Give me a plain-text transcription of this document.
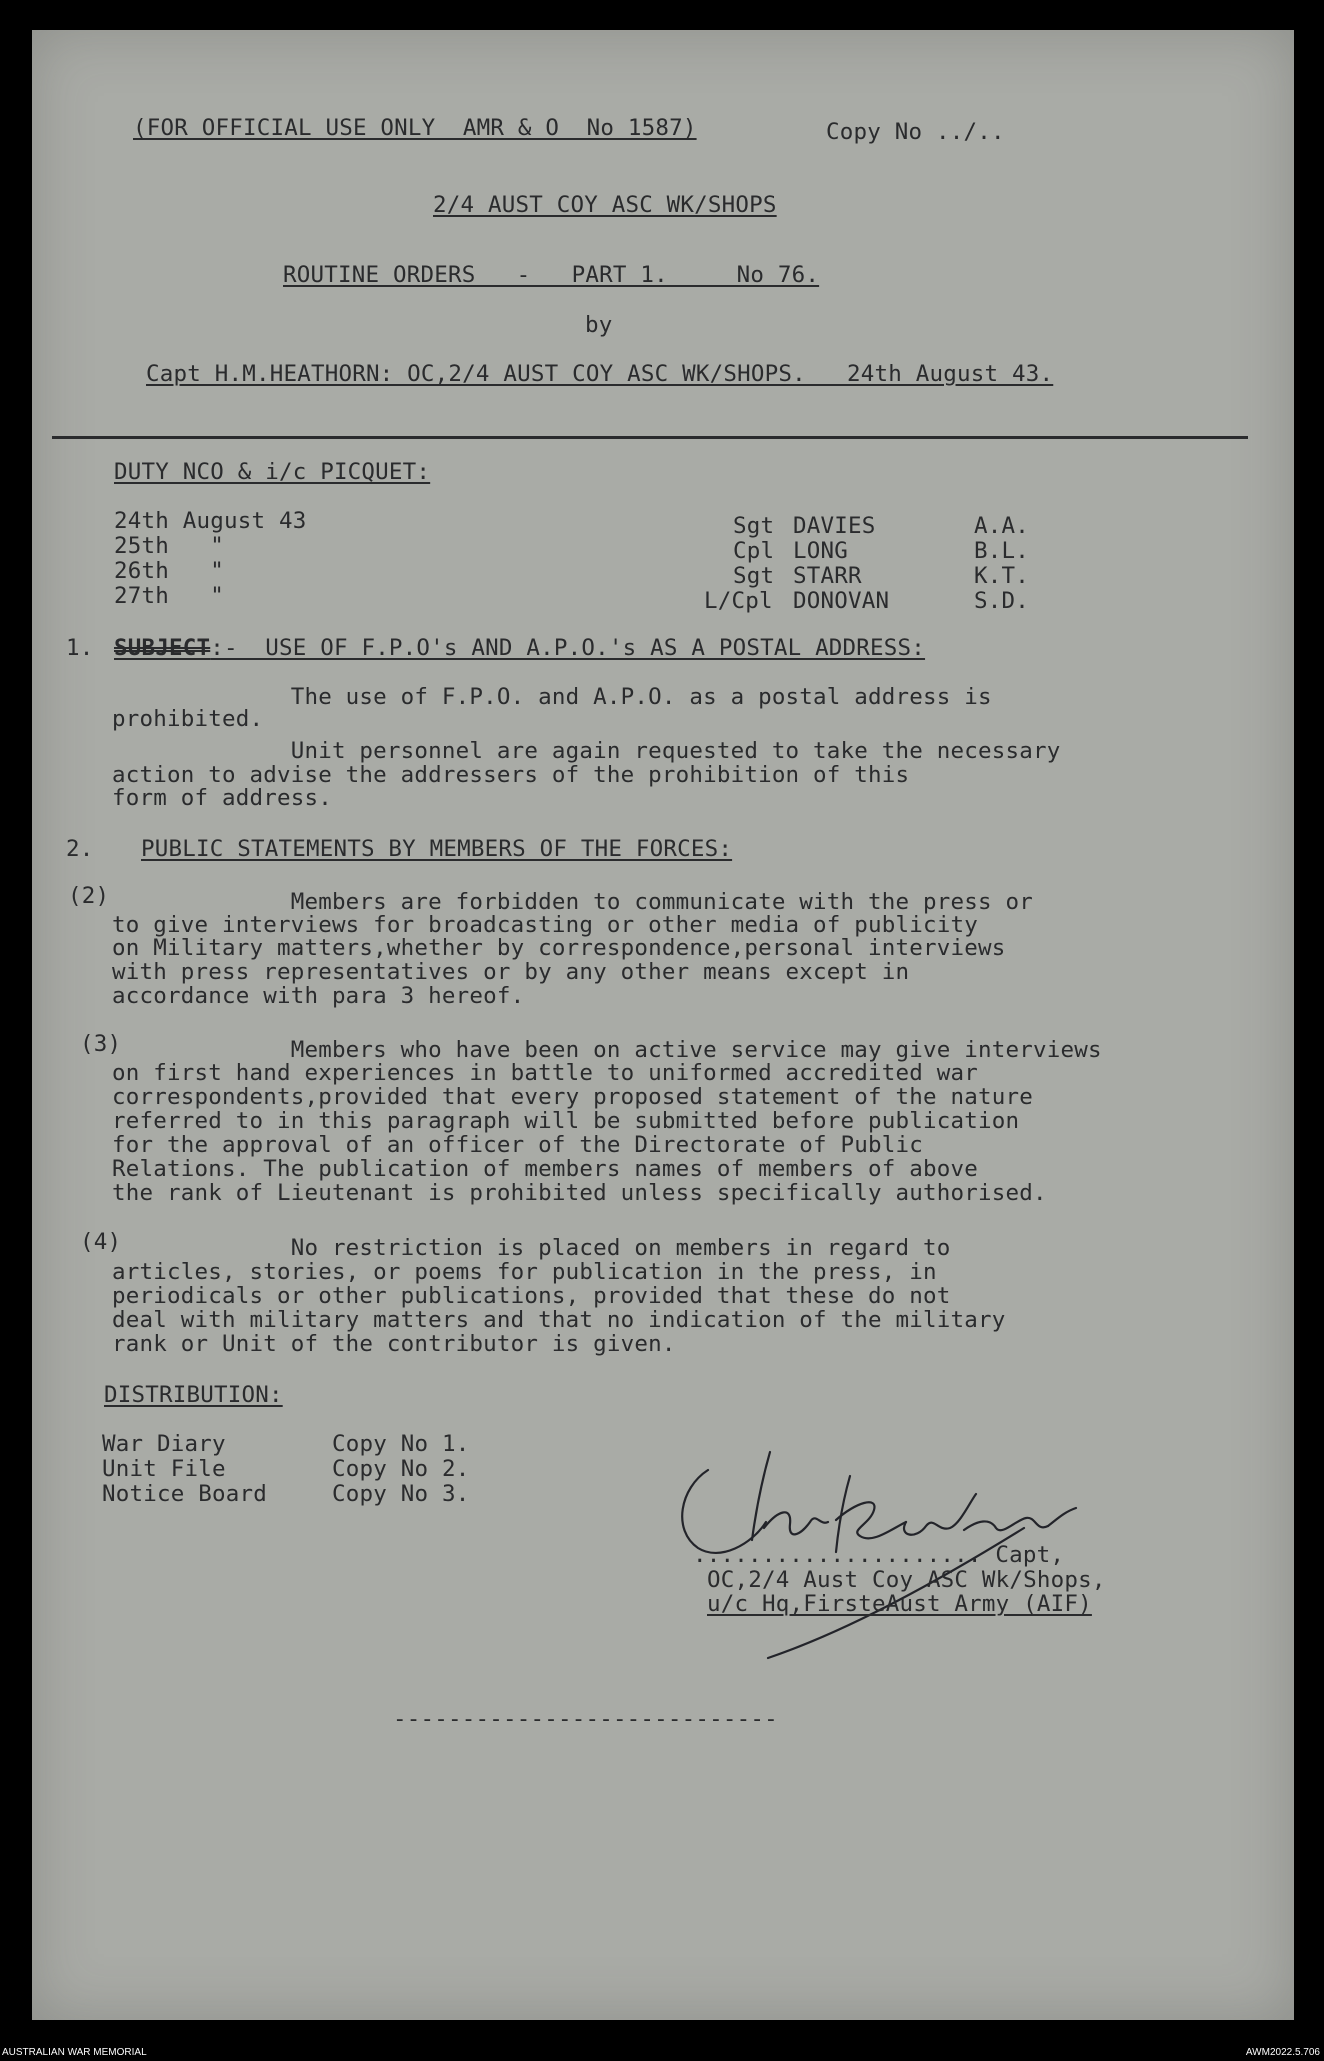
(FOR OFFICIAL USE ONLY  AMR & O  No 1587)	Copy No ../..
2/4 AUST COY ASC WK/SHOPS
ROUTINE ORDERS   -   PART 1.     No 76.
by
Capt H.M.HEATHORN: OC,2/4 AUST COY ASC WK/SHOPS.   24th August 43.
DUTY NCO & i/c PICQUET:
24th August 43
25th   "
26th   "
27th   "
Sgt
Cpl
Sgt
L/Cpl
DAVIES
LONG
STARR
DONOVAN
A.A.
B.L.
K.T.
S.D.
1. SUBJECT:-  USE OF F.P.O's AND A.P.O.'s AS A POSTAL ADDRESS:
The use of F.P.O. and A.P.O. as a postal address is
prohibited.
Unit personnel are again requested to take the necessary
action to advise the addressers of the prohibition of this
form of address.
2. PUBLIC STATEMENTS BY MEMBERS OF THE FORCES:
(2) Members are forbidden to communicate with the press or
to give interviews for broadcasting or other media of publicity
on Military matters,whether by correspondence,personal interviews
with press representatives or by any other means except in
accordance with para 3 hereof.
(3)
Members who have been on active service may give interviews
on first hand experiences in battle to uniformed accredited war
correspondents,provided that every proposed statement of the nature
referred to in this paragraph will be submitted before publication
for the approval of an officer of the Directorate of Public
Relations. The publication of members names of members of above
the rank of Lieutenant is prohibited unless specifically authorised.
(4)
No restriction is placed on members in regard to
articles, stories, or poems for publication in the press, in
periodicals or other publications, provided that these do not
deal with military matters and that no indication of the military
rank or Unit of the contributor is given.
DISTRIBUTION:
War Diary
Unit File
Notice Board
Copy No 1.
Copy No 2.
Copy No 3.
..................... Capt,
OC,2/4 Aust Coy ASC Wk/Shops,
u/c Hq,FirsteAust Army (AIF)
----------------------------
AUSTRALIAN WAR MEMORIAL	AWM2022.5.706
